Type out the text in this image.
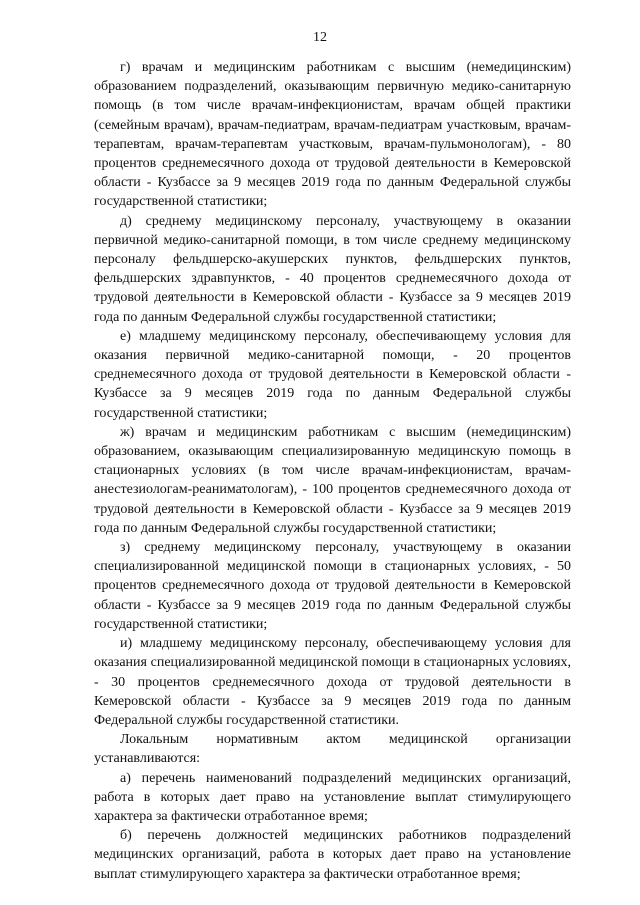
12

г) врачам и медицинским работникам с высшим (немедицинским) образованием подразделений, оказывающим первичную медико-санитарную помощь (в том числе врачам-инфекционистам, врачам общей практики (семейным врачам), врачам-педиатрам, врачам-педиатрам участковым, врачам-терапевтам, врачам-терапевтам участковым, врачам-пульмонологам), - 80 процентов среднемесячного дохода от трудовой деятельности в Кемеровской области - Кузбассе за 9 месяцев 2019 года по данным Федеральной службы государственной статистики;

д) среднему медицинскому персоналу, участвующему в оказании первичной медико-санитарной помощи, в том числе среднему медицинскому персоналу фельдшерско-акушерских пунктов, фельдшерских пунктов, фельдшерских здравпунктов, - 40 процентов среднемесячного дохода от трудовой деятельности в Кемеровской области - Кузбассе за 9 месяцев 2019 года по данным Федеральной службы государственной статистики;

е) младшему медицинскому персоналу, обеспечивающему условия для оказания первичной медико-санитарной помощи, - 20 процентов среднемесячного дохода от трудовой деятельности в Кемеровской области - Кузбассе за 9 месяцев 2019 года по данным Федеральной службы государственной статистики;

ж) врачам и медицинским работникам с высшим (немедицинским) образованием, оказывающим специализированную медицинскую помощь в стационарных условиях (в том числе врачам-инфекционистам, врачам-анестезиологам-реаниматологам), - 100 процентов среднемесячного дохода от трудовой деятельности в Кемеровской области - Кузбассе за 9 месяцев 2019 года по данным Федеральной службы государственной статистики;

з) среднему медицинскому персоналу, участвующему в оказании специализированной медицинской помощи в стационарных условиях, - 50 процентов среднемесячного дохода от трудовой деятельности в Кемеровской области - Кузбассе за 9 месяцев 2019 года по данным Федеральной службы государственной статистики;

и) младшему медицинскому персоналу, обеспечивающему условия для оказания специализированной медицинской помощи в стационарных условиях, - 30 процентов среднемесячного дохода от трудовой деятельности в Кемеровской области - Кузбассе за 9 месяцев 2019 года по данным Федеральной службы государственной статистики.

Локальным нормативным актом медицинской организации устанавливаются:

а) перечень наименований подразделений медицинских организаций, работа в которых дает право на установление выплат стимулирующего характера за фактически отработанное время;

б) перечень должностей медицинских работников подразделений медицинских организаций, работа в которых дает право на установление выплат стимулирующего характера за фактически отработанное время;
